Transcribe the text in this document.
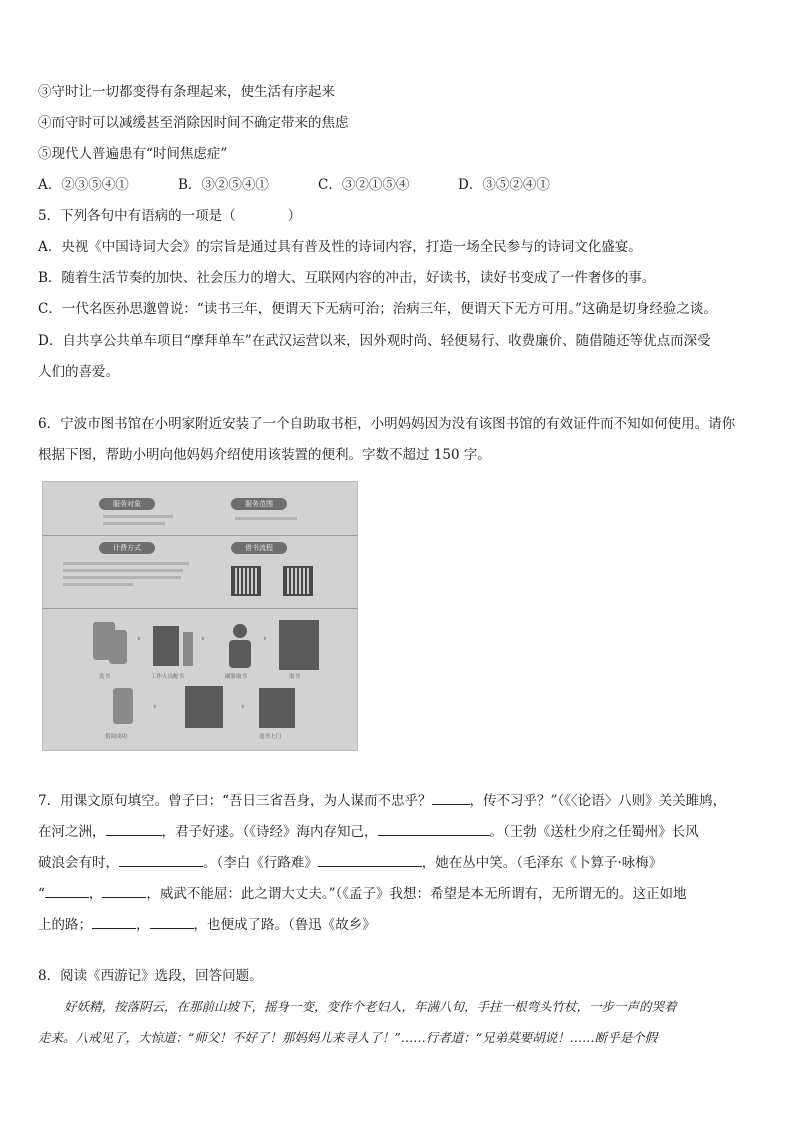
③守时让一切都变得有条理起来，使生活有序起来
④而守时可以减缓甚至消除因时间不确定带来的焦虑
⑤现代人普遍患有“时间焦虑症”
A．②③⑤④①	B．③②⑤④①	C．③②①⑤④	D．③⑤②④①
5．下列各句中有语病的一项是（	）
A．央视《中国诗词大会》的宗旨是通过具有普及性的诗词内容，打造一场全民参与的诗词文化盛宴。
B．随着生活节奏的加快、社会压力的增大、互联网内容的冲击，好读书，读好书变成了一件奢侈的事。
C．一代名医孙思邈曾说：“读书三年，便谓天下无病可治；治病三年，便谓天下无方可用。”这确是切身经验之谈。
D．自共享公共单车项目“摩拜单车”在武汉运营以来，因外观时尚、轻便易行、收费廉价、随借随还等优点而深受
人们的喜爱。
6．宁波市图书馆在小明家附近安装了一个自助取书柜，小明妈妈因为没有该图书馆的有效证件而不知如何使用。请你
根据下图，帮助小明向他妈妈介绍使用该装置的便利。字数不超过 150 字。
服务对象	服务范围
计费方式	借书流程
›	›	›
选书	工作人员配书	刷脸取书	取书
›	›
借阅成功	送书上门
7．用课文原句填空。曾子曰：“吾日三省吾身，为人谋而不忠乎？	，传不习乎？”（《〈论语〉八则》关关雎鸠，
在河之洲，	，君子好逑。（《诗经》海内存知己，	。（王勃《送杜少府之任蜀州》长风
破浪会有时，	。（李白《行路难》	，她在丛中笑。（毛泽东《卜算子·咏梅》
“	，	，威武不能屈：此之谓大丈夫。”（《孟子》我想：希望是本无所谓有，无所谓无的。这正如地
上的路；	，	，也便成了路。（鲁迅《故乡》
8．阅读《西游记》选段，回答问题。
好妖精，按落阴云，在那前山坡下，摇身一变，变作个老妇人，年满八旬，手拄一根弯头竹杖，一步一声的哭着
走来。八戒见了，大惊道：“师父！不好了！那妈妈儿来寻人了！”……行者道：“兄弟莫要胡说！……断乎是个假
